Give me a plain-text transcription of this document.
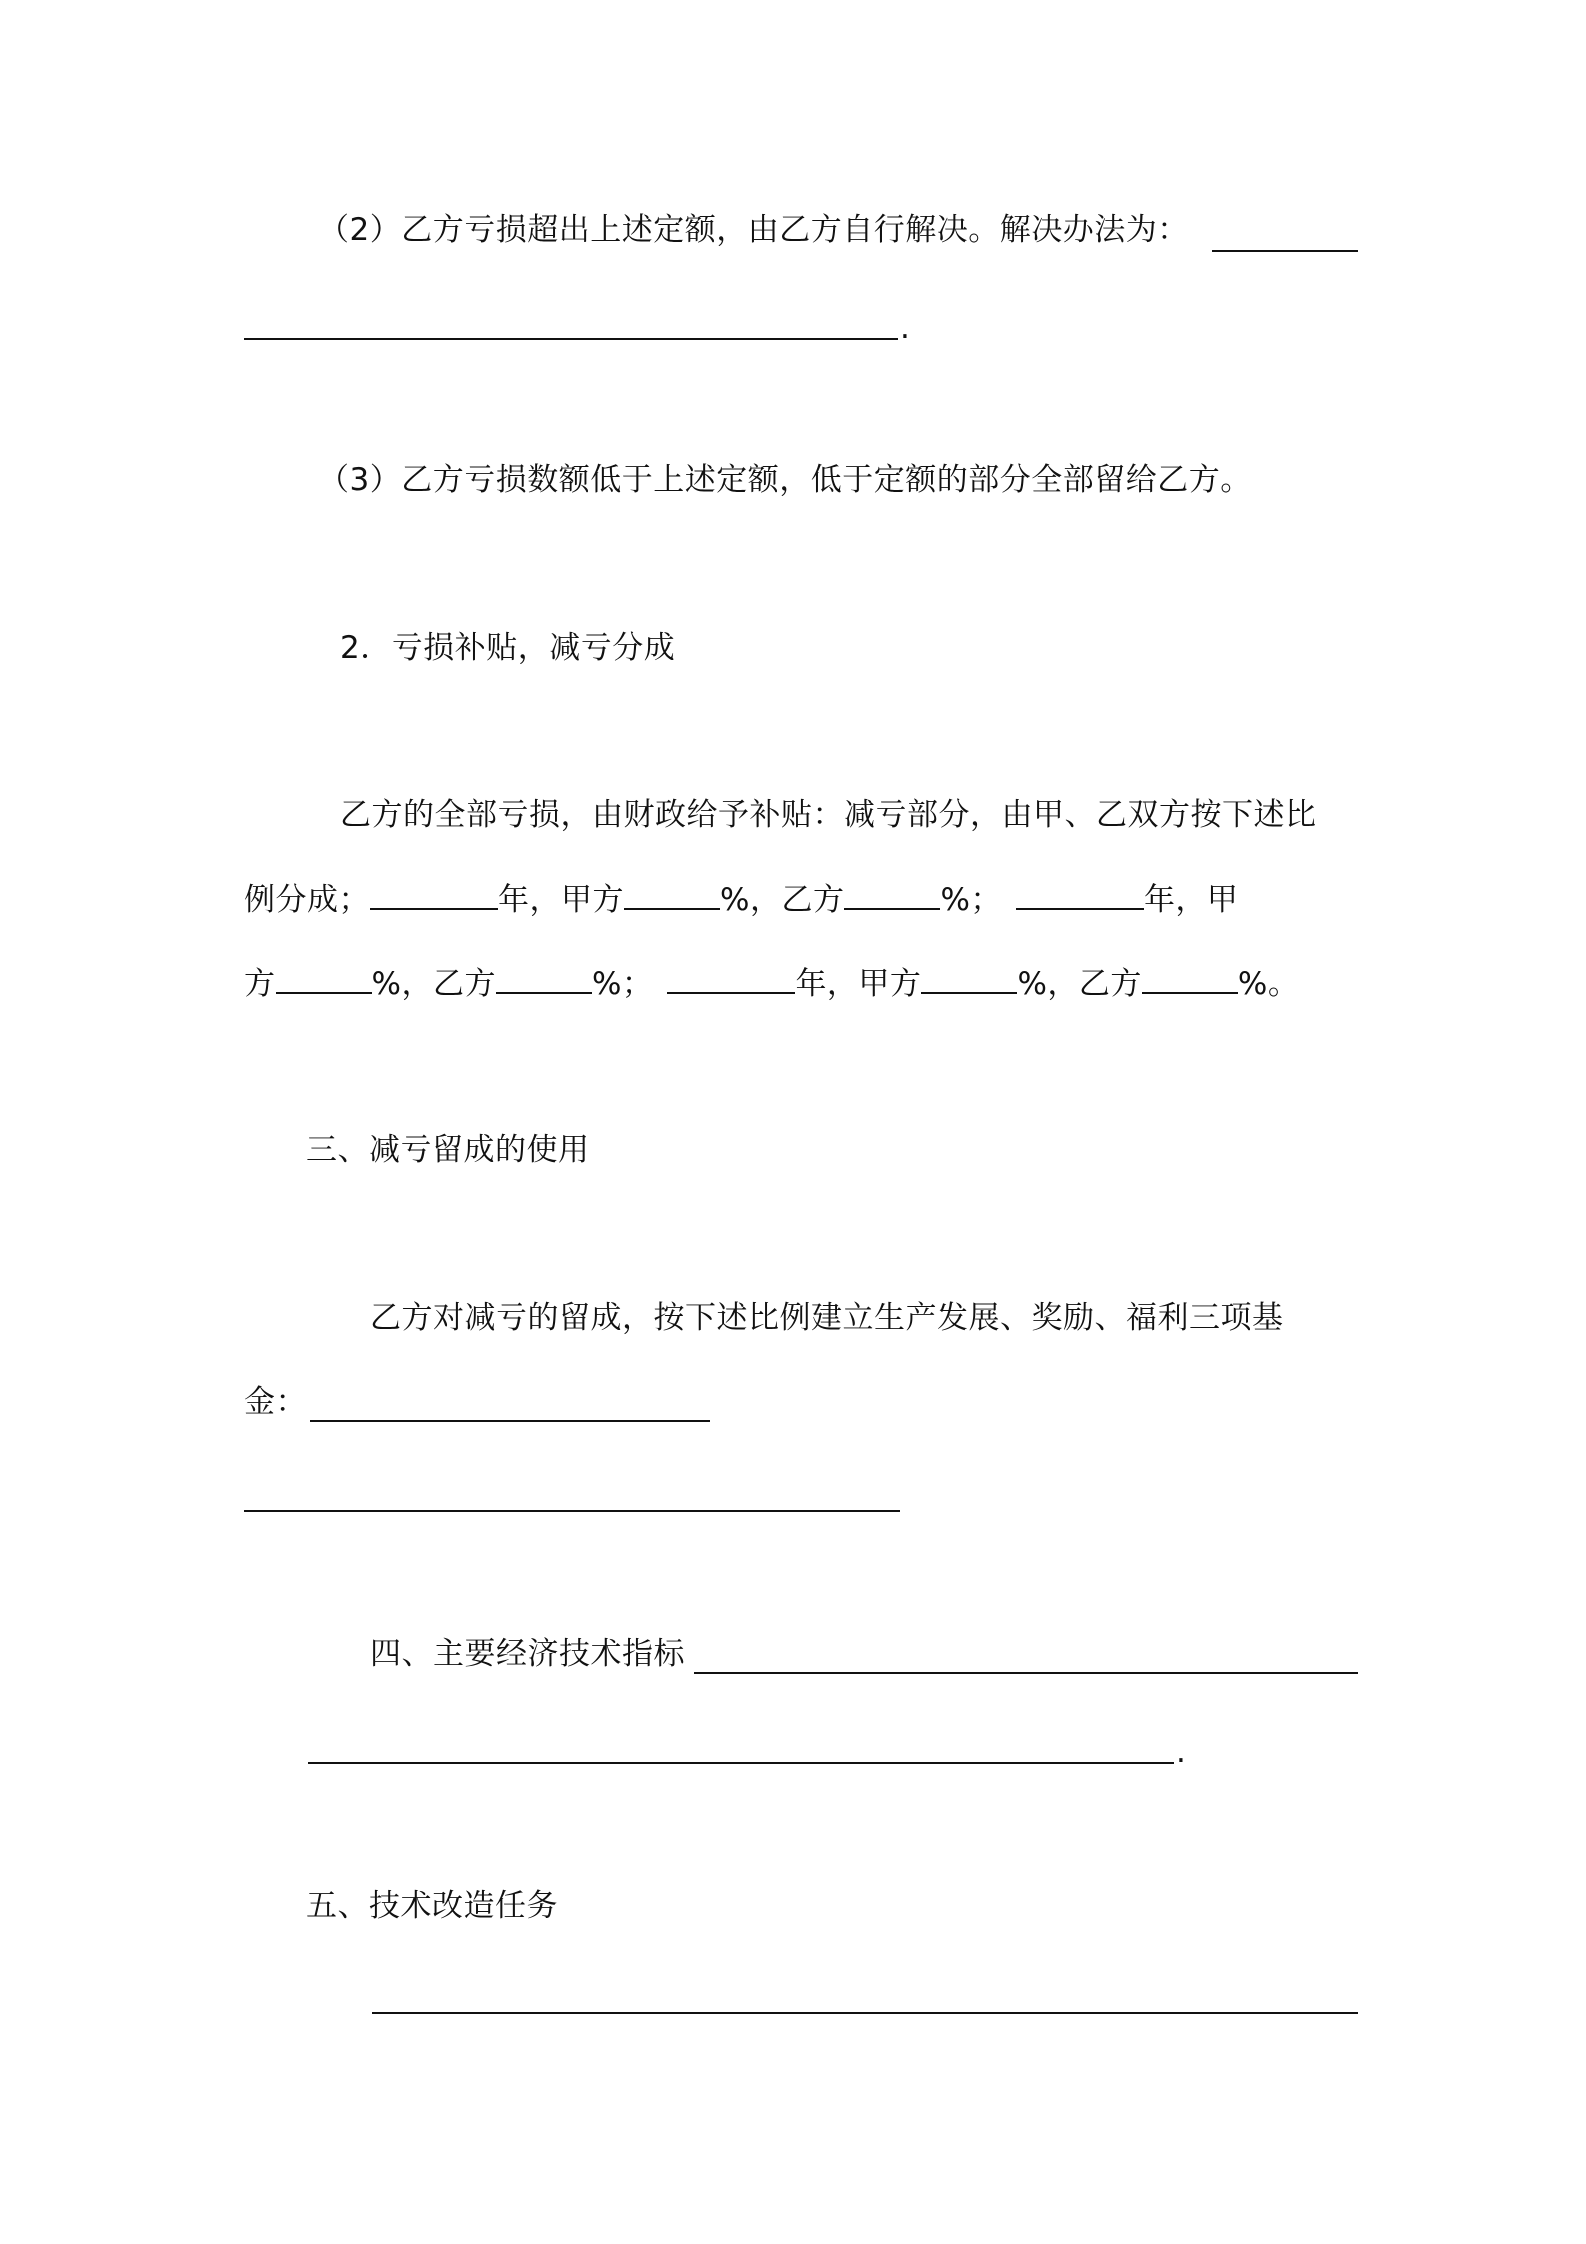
（2）乙方亏损超出上述定额，由乙方自行解决。解决办法为：
.
（3）乙方亏损数额低于上述定额，低于定额的部分全部留给乙方。
2．亏损补贴，减亏分成
乙方的全部亏损，由财政给予补贴：减亏部分，由甲、乙双方按下述比
例分成；	年，甲方	%，乙方	%；	年，甲
方	%，乙方	%；	年，甲方	%，乙方	%。
三、减亏留成的使用
乙方对减亏的留成，按下述比例建立生产发展、奖励、福利三项基
金：
四、主要经济技术指标
.
五、技术改造任务
